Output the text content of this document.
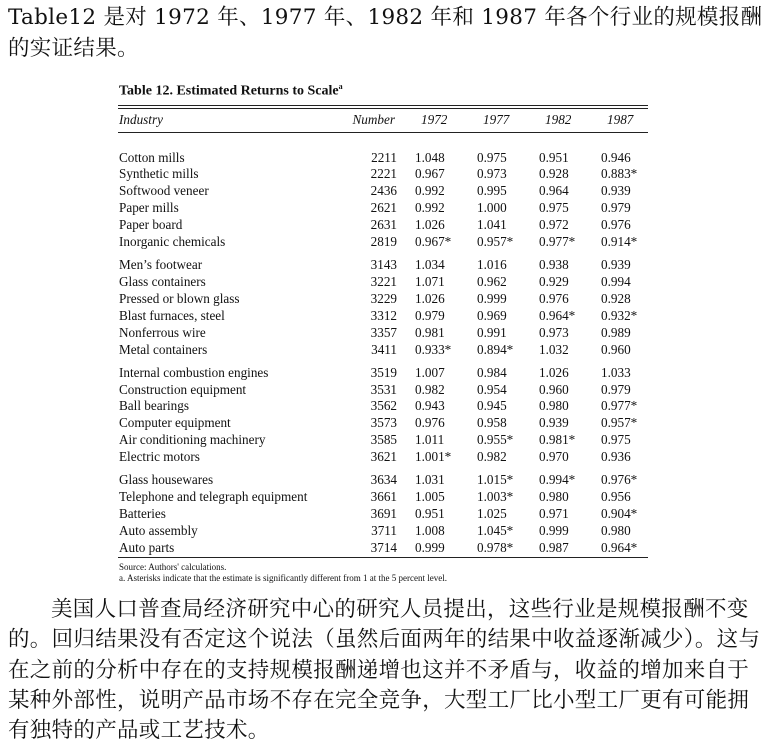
Table12 是对 1972 年、1977 年、1982 年和 1987 年各个行业的规模报酬的实证结果。

Table 12. Estimated Returns to Scale$^a$
Industry	Number	1972	1977	1982	1987

Cotton mills	2211	1.048	0.975	0.951	0.946
Synthetic mills	2221	0.967	0.973	0.928	0.883*
Softwood veneer	2436	0.992	0.995	0.964	0.939
Paper mills	2621	0.992	1.000	0.975	0.979
Paper board	2631	1.026	1.041	0.972	0.976
Inorganic chemicals	2819	0.967*	0.957*	0.977*	0.914*
Men’s footwear	3143	1.034	1.016	0.938	0.939
Glass containers	3221	1.071	0.962	0.929	0.994
Pressed or blown glass	3229	1.026	0.999	0.976	0.928
Blast furnaces, steel	3312	0.979	0.969	0.964*	0.932*
Nonferrous wire	3357	0.981	0.991	0.973	0.989
Metal containers	3411	0.933*	0.894*	1.032	0.960
Internal combustion engines	3519	1.007	0.984	1.026	1.033
Construction equipment	3531	0.982	0.954	0.960	0.979
Ball bearings	3562	0.943	0.945	0.980	0.977*
Computer equipment	3573	0.976	0.958	0.939	0.957*
Air conditioning machinery	3585	1.011	0.955*	0.981*	0.975
Electric motors	3621	1.001*	0.982	0.970	0.936
Glass housewares	3634	1.031	1.015*	0.994*	0.976*
Telephone and telegraph equipment	3661	1.005	1.003*	0.980	0.956
Batteries	3691	0.951	1.025	0.971	0.904*
Auto assembly	3711	1.008	1.045*	0.999	0.980
Auto parts	3714	0.999	0.978*	0.987	0.964*

Source: Authors' calculations.

a. Asterisks indicate that the estimate is significantly different from 1 at the 5 percent level.

美国人口普查局经济研究中心的研究人员提出，这些行业是规模报酬不变的。回归结果没有否定这个说法（虽然后面两年的结果中收益逐渐减少）。这与在之前的分析中存在的支持规模报酬递增也这并不矛盾与，收益的增加来自于某种外部性，说明产品市场不存在完全竞争，大型工厂比小型工厂更有可能拥有独特的产品或工艺技术。
